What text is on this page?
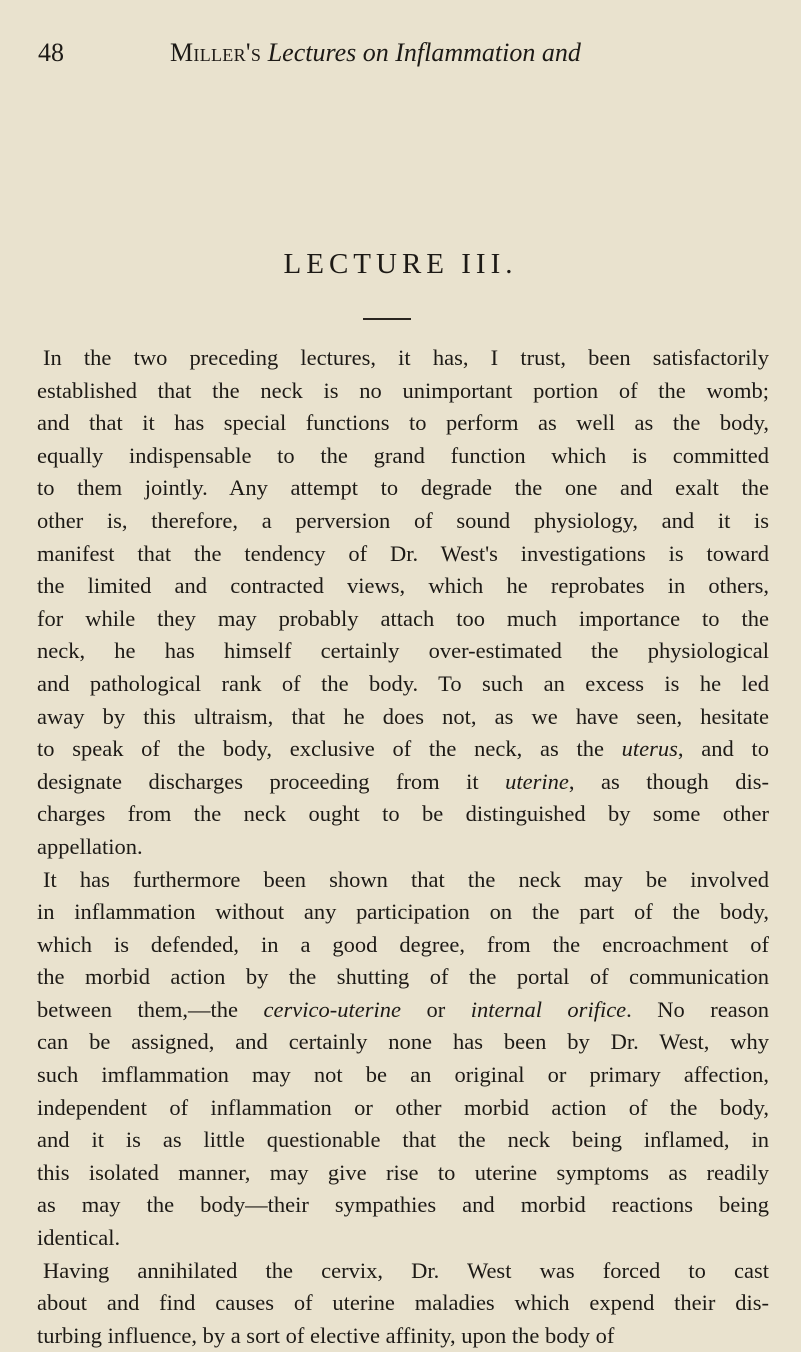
48	Miller's Lectures on Inflammation and
LECTURE III.
In the two preceding lectures, it has, I trust, been satisfactorily
established that the neck is no unimportant portion of the womb;
and that it has special functions to perform as well as the body,
equally indispensable to the grand function which is committed
to them jointly. Any attempt to degrade the one and exalt the
other is, therefore, a perversion of sound physiology, and it is
manifest that the tendency of Dr. West's investigations is toward
the limited and contracted views, which he reprobates in others,
for while they may probably attach too much importance to the
neck, he has himself certainly over-estimated the physiological
and pathological rank of the body. To such an excess is he led
away by this ultraism, that he does not, as we have seen, hesitate
to speak of the body, exclusive of the neck, as the uterus, and to
designate discharges proceeding from it uterine, as though dis-
charges from the neck ought to be distinguished by some other
appellation.
It has furthermore been shown that the neck may be involved
in inflammation without any participation on the part of the body,
which is defended, in a good degree, from the encroachment of
the morbid action by the shutting of the portal of communication
between them,—the cervico-uterine or internal orifice. No reason
can be assigned, and certainly none has been by Dr. West, why
such imflammation may not be an original or primary affection,
independent of inflammation or other morbid action of the body,
and it is as little questionable that the neck being inflamed, in
this isolated manner, may give rise to uterine symptoms as readily
as may the body—their sympathies and morbid reactions being
identical.
Having annihilated the cervix, Dr. West was forced to cast
about and find causes of uterine maladies which expend their dis-
turbing influence, by a sort of elective affinity, upon the body of
